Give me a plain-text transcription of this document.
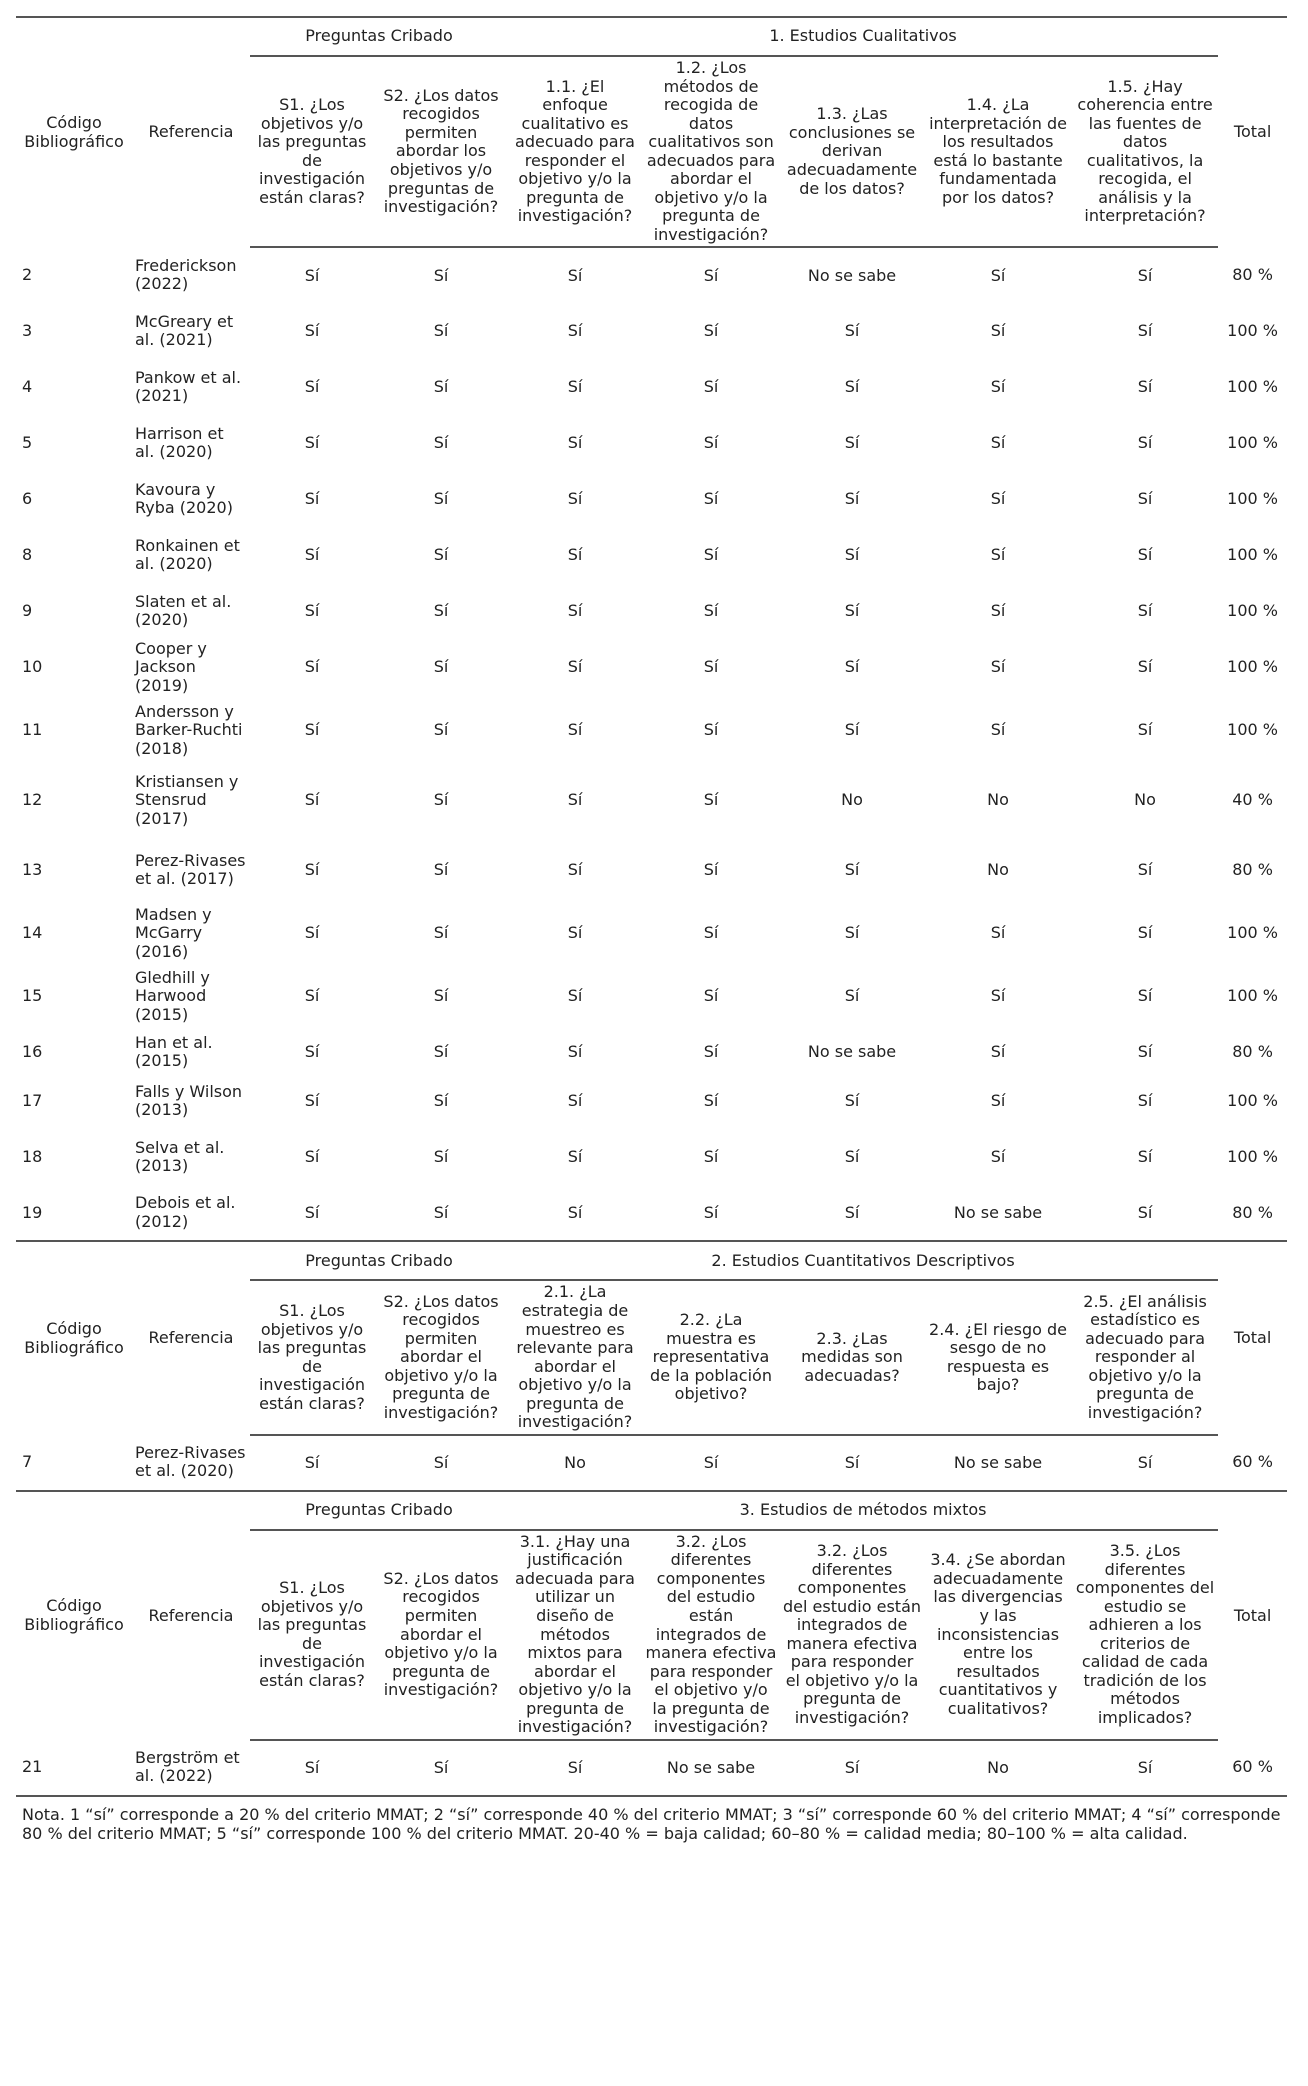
Código Bibliográfico	Referencia	Preguntas Cribado		1. Estudios Cualitativos					Total
		S1. ¿Los objetivos y/o las preguntas de investigación están claras?	S2. ¿Los datos recogidos permiten abordar los objetivos y/o preguntas de investigación?	1.1. ¿El enfoque cualitativo es adecuado para responder el objetivo y/o la pregunta de investigación?	1.2. ¿Los métodos de recogida de datos cualitativos son adecuados para abordar el objetivo y/o la pregunta de investigación?	1.3. ¿Las conclusiones se derivan adecuadamente de los datos?	1.4. ¿La interpretación de los resultados está lo bastante fundamentada por los datos?	1.5. ¿Hay coherencia entre las fuentes de datos cualitativos, la recogida, el análisis y la interpretación?	
2	Frederickson (2022)	Sí	Sí	Sí	Sí	No se sabe	Sí	Sí	80 %
3	McGreary et al. (2021)	Sí	Sí	Sí	Sí	Sí	Sí	Sí	100 %
4	Pankow et al. (2021)	Sí	Sí	Sí	Sí	Sí	Sí	Sí	100 %
5	Harrison et al. (2020)	Sí	Sí	Sí	Sí	Sí	Sí	Sí	100 %
6	Kavoura y Ryba (2020)	Sí	Sí	Sí	Sí	Sí	Sí	Sí	100 %
8	Ronkainen et al. (2020)	Sí	Sí	Sí	Sí	Sí	Sí	Sí	100 %
9	Slaten et al. (2020)	Sí	Sí	Sí	Sí	Sí	Sí	Sí	100 %
10	Cooper y Jackson (2019)	Sí	Sí	Sí	Sí	Sí	Sí	Sí	100 %
11	Andersson y Barker-Ruchti (2018)	Sí	Sí	Sí	Sí	Sí	Sí	Sí	100 %
12	Kristiansen y Stensrud (2017)	Sí	Sí	Sí	Sí	No	No	No	40 %
13	Perez-Rivases et al. (2017)	Sí	Sí	Sí	Sí	Sí	No	Sí	80 %
14	Madsen y McGarry (2016)	Sí	Sí	Sí	Sí	Sí	Sí	Sí	100 %
15	Gledhill y Harwood (2015)	Sí	Sí	Sí	Sí	Sí	Sí	Sí	100 %
16	Han et al. (2015)	Sí	Sí	Sí	Sí	No se sabe	Sí	Sí	80 %
17	Falls y Wilson (2013)	Sí	Sí	Sí	Sí	Sí	Sí	Sí	100 %
18	Selva et al. (2013)	Sí	Sí	Sí	Sí	Sí	Sí	Sí	100 %
19	Debois et al. (2012)	Sí	Sí	Sí	Sí	Sí	No se sabe	Sí	80 %
Código Bibliográfico	Referencia	Preguntas Cribado		2. Estudios Cuantitativos Descriptivos					Total
		S1. ¿Los objetivos y/o las preguntas de investigación están claras?	S2. ¿Los datos recogidos permiten abordar el objetivo y/o la pregunta de investigación?	2.1. ¿La estrategia de muestreo es relevante para abordar el objetivo y/o la pregunta de investigación?	2.2. ¿La muestra es representativa de la población objetivo?	2.3. ¿Las medidas son adecuadas?	2.4. ¿El riesgo de sesgo de no respuesta es bajo?	2.5. ¿El análisis estadístico es adecuado para responder al objetivo y/o la pregunta de investigación?	
7	Perez-Rivases et al. (2020)	Sí	Sí	No	Sí	Sí	No se sabe	Sí	60 %
Código Bibliográfico	Referencia	Preguntas Cribado		3. Estudios de métodos mixtos					Total
		S1. ¿Los objetivos y/o las preguntas de investigación están claras?	S2. ¿Los datos recogidos permiten abordar el objetivo y/o la pregunta de investigación?	3.1. ¿Hay una justificación adecuada para utilizar un diseño de métodos mixtos para abordar el objetivo y/o la pregunta de investigación?	3.2. ¿Los diferentes componentes del estudio están integrados de manera efectiva para responder el objetivo y/o la pregunta de investigación?	3.2. ¿Los diferentes componentes del estudio están integrados de manera efectiva para responder el objetivo y/o la pregunta de investigación?	3.4. ¿Se abordan adecuadamente las divergencias y las inconsistencias entre los resultados cuantitativos y cualitativos?	3.5. ¿Los diferentes componentes del estudio se adhieren a los criterios de calidad de cada tradición de los métodos implicados?	
21	Bergström et al. (2022)	Sí	Sí	Sí	No se sabe	Sí	No	Sí	60 %
Nota. 1 “sí” corresponde a 20 % del criterio MMAT; 2 “sí” corresponde 40 % del criterio MMAT; 3 “sí” corresponde 60 % del criterio MMAT; 4 “sí” corresponde 80 % del criterio MMAT; 5 “sí” corresponde 100 % del criterio MMAT. 20-40 % = baja calidad; 60–80 % = calidad media; 80–100 % = alta calidad.
